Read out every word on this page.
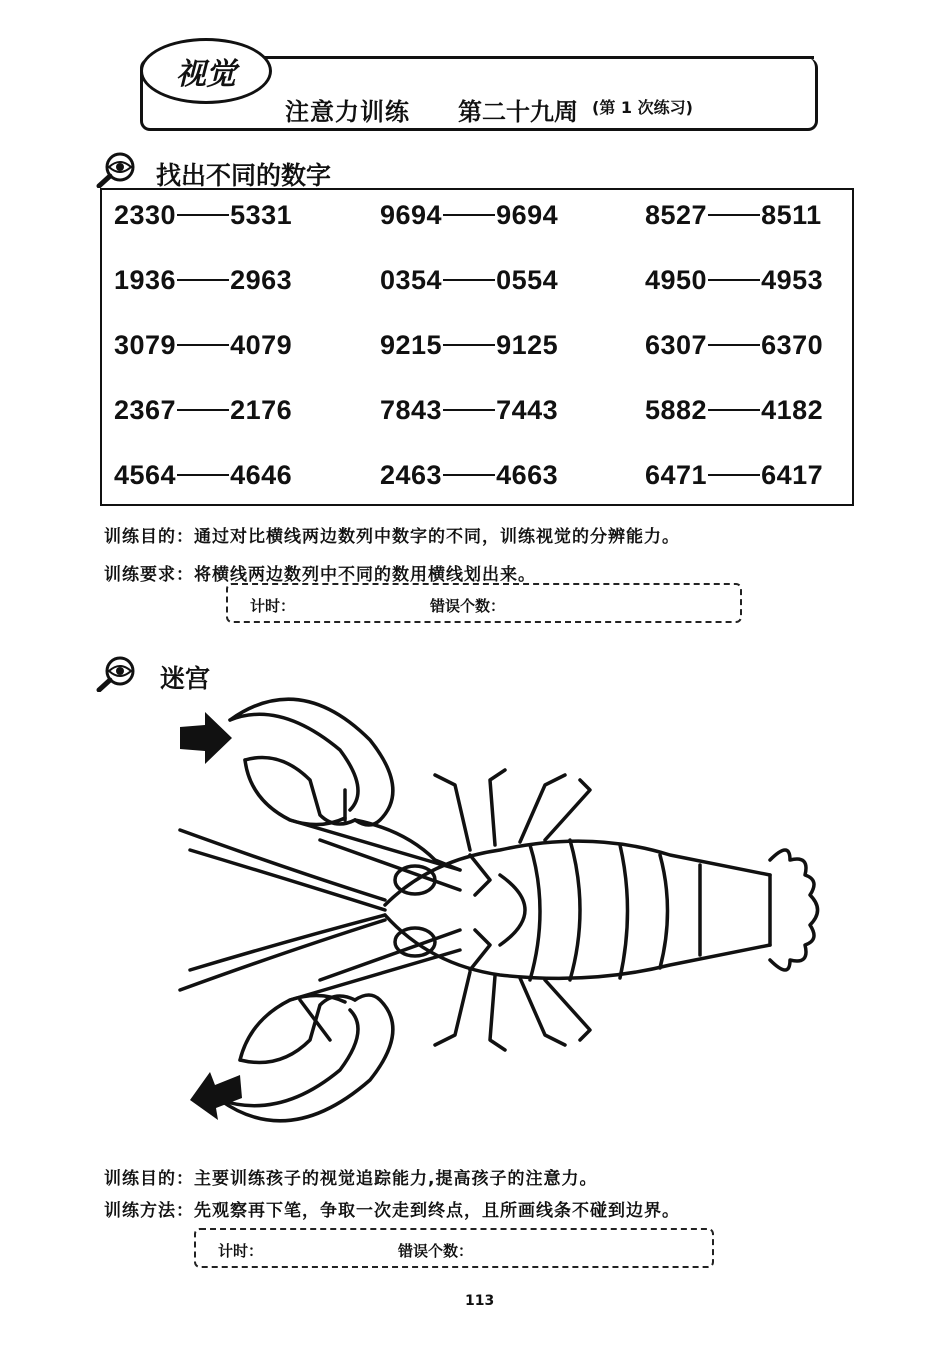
视觉
注意力训练 第二十九周 (第 1 次练习)
找出不同的数字
2330 5331	9694 9694	8527 8511
1936 2963	0354 0554	4950 4953
3079 4079	9215 9125	6307 6370
2367 2176	7843 7443	5882 4182
4564 4646	2463 4663	6471 6417
训练目的：通过对比横线两边数列中数字的不同，训练视觉的分辨能力。
训练要求：将横线两边数列中不同的数用横线划出来。
计时：	错误个数：
迷宫
训练目的：主要训练孩子的视觉追踪能力,提高孩子的注意力。
训练方法：先观察再下笔，争取一次走到终点，且所画线条不碰到边界。
计时：	错误个数：
113
